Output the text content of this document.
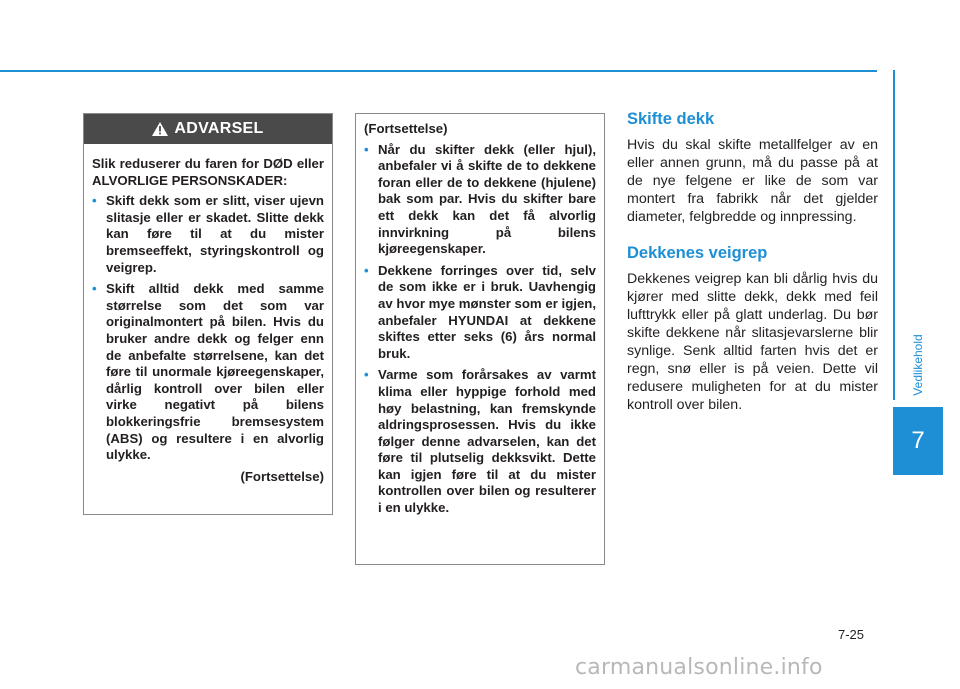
Vedlikehold
7
ADVARSEL

Slik reduserer du faren for DØD eller ALVORLIGE PERSONSKADER:

• Skift dekk som er slitt, viser ujevn slitasje eller er skadet. Slitte dekk kan føre til at du mister bremseeffekt, styringskontroll og veigrep.
• Skift alltid dekk med samme størrelse som det som var originalmontert på bilen. Hvis du bruker andre dekk og felger enn de anbefalte størrelsene, kan det føre til unormale kjøreegenskaper, dårlig kontroll over bilen eller virke negativt på bilens blokkeringsfrie bremsesystem (ABS) og resultere i en alvorlig ulykke.

(Fortsettelse)

(Fortsettelse)

• Når du skifter dekk (eller hjul), anbefaler vi å skifte de to dekkene foran eller de to dekkene (hjulene) bak som par. Hvis du skifter bare ett dekk kan det få alvorlig innvirkning på bilens kjøreegenskaper.
• Dekkene forringes over tid, selv de som ikke er i bruk. Uavhengig av hvor mye mønster som er igjen, anbefaler HYUNDAI at dekkene skiftes etter seks (6) års normal bruk.
• Varme som forårsakes av varmt klima eller hyppige forhold med høy belastning, kan fremskynde aldringsprosessen. Hvis du ikke følger denne advarselen, kan det føre til plutselig dekksvikt. Dette kan igjen føre til at du mister kontrollen over bilen og resulterer i en ulykke.
Skifte dekk

Hvis du skal skifte metallfelger av en eller annen grunn, må du passe på at de nye felgene er like de som var montert fra fabrikk når det gjelder diameter, felgbredde og innpressing.

Dekkenes veigrep

Dekkenes veigrep kan bli dårlig hvis du kjører med slitte dekk, dekk med feil lufttrykk eller på glatt underlag. Du bør skifte dekkene når slitasjevarslerne blir synlige. Senk alltid farten hvis det er regn, snø eller is på veien. Dette vil redusere muligheten for at du mister kontroll over bilen.

7-25
carmanualsonline.info
